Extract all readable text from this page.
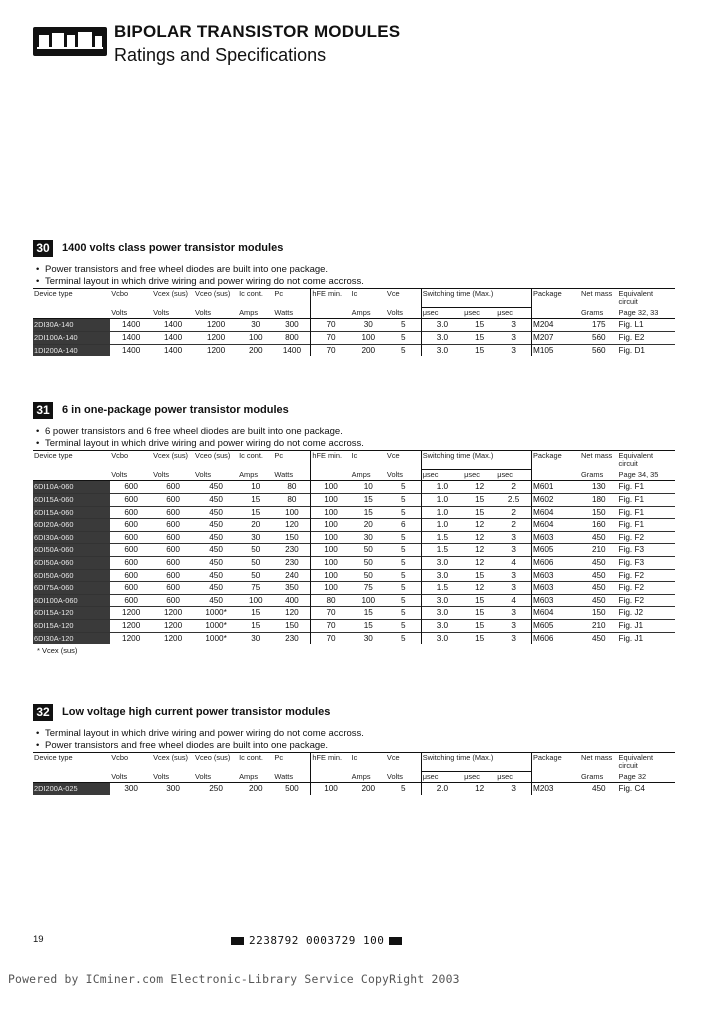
BIPOLAR TRANSISTOR MODULES
Ratings and Specifications
30	1400 volts class power transistor modules
• Power transistors and free wheel diodes are built into one package.
• Terminal layout in which drive wiring and power wiring do not come accross.
Device type	Vcbo	Vcex (sus)	Vceo (sus)	Ic cont.	Pc	hFE min.	Ic	Vce	Switching time (Max.)			Package	Net mass	Equivalent circuit
	Volts	Volts	Volts	Amps	Watts		Amps	Volts	μsec	μsec	μsec		Grams	Page 32, 33
2DI30A-140	1400	1400	1200	30	300	70	30	5	3.0	15	3	M204	175	Fig. L1
2DI100A-140	1400	1400	1200	100	800	70	100	5	3.0	15	3	M207	560	Fig. E2
1DI200A-140	1400	1400	1200	200	1400	70	200	5	3.0	15	3	M105	560	Fig. D1
31	6 in one-package power transistor modules
• 6 power transistors and 6 free wheel diodes are built into one package.
• Terminal layout in which drive wiring and power wiring do not come accross.
Device type	Vcbo	Vcex (sus)	Vceo (sus)	Ic cont.	Pc	hFE min.	Ic	Vce	Switching time (Max.)			Package	Net mass	Equivalent circuit
	Volts	Volts	Volts	Amps	Watts		Amps	Volts	μsec	μsec	μsec		Grams	Page 34, 35
6DI10A-060	600	600	450	10	80	100	10	5	1.0	12	2	M601	130	Fig. F1
6DI15A-060	600	600	450	15	80	100	15	5	1.0	15	2.5	M602	180	Fig. F1
6DI15A-060	600	600	450	15	100	100	15	5	1.0	15	2	M604	150	Fig. F1
6DI20A-060	600	600	450	20	120	100	20	6	1.0	12	2	M604	160	Fig. F1
6DI30A-060	600	600	450	30	150	100	30	5	1.5	12	3	M603	450	Fig. F2
6DI50A-060	600	600	450	50	230	100	50	5	1.5	12	3	M605	210	Fig. F3
6DI50A-060	600	600	450	50	230	100	50	5	3.0	12	4	M606	450	Fig. F3
6DI50A-060	600	600	450	50	240	100	50	5	3.0	15	3	M603	450	Fig. F2
6DI75A-060	600	600	450	75	350	100	75	5	1.5	12	3	M603	450	Fig. F2
6DI100A-060	600	600	450	100	400	80	100	5	3.0	15	4	M603	450	Fig. F2
6DI15A-120	1200	1200	1000*	15	120	70	15	5	3.0	15	3	M604	150	Fig. J2
6DI15A-120	1200	1200	1000*	15	150	70	15	5	3.0	15	3	M605	210	Fig. J1
6DI30A-120	1200	1200	1000*	30	230	70	30	5	3.0	15	3	M606	450	Fig. J1
* Vcex (sus)
32	Low voltage high current power transistor modules
• Terminal layout in which drive wiring and power wiring do not come accross.
• Power transistors and free wheel diodes are built into one package.
Device type	Vcbo	Vcex (sus)	Vceo (sus)	Ic cont.	Pc	hFE min.	Ic	Vce	Switching time (Max.)			Package	Net mass	Equivalent circuit
	Volts	Volts	Volts	Amps	Watts		Amps	Volts	μsec	μsec	μsec		Grams	Page 32
2DI200A-025	300	300	250	200	500	100	200	5	2.0	12	3	M203	450	Fig. C4
19	2238792 0003729 100
Powered by ICminer.com Electronic-Library Service CopyRight 2003
